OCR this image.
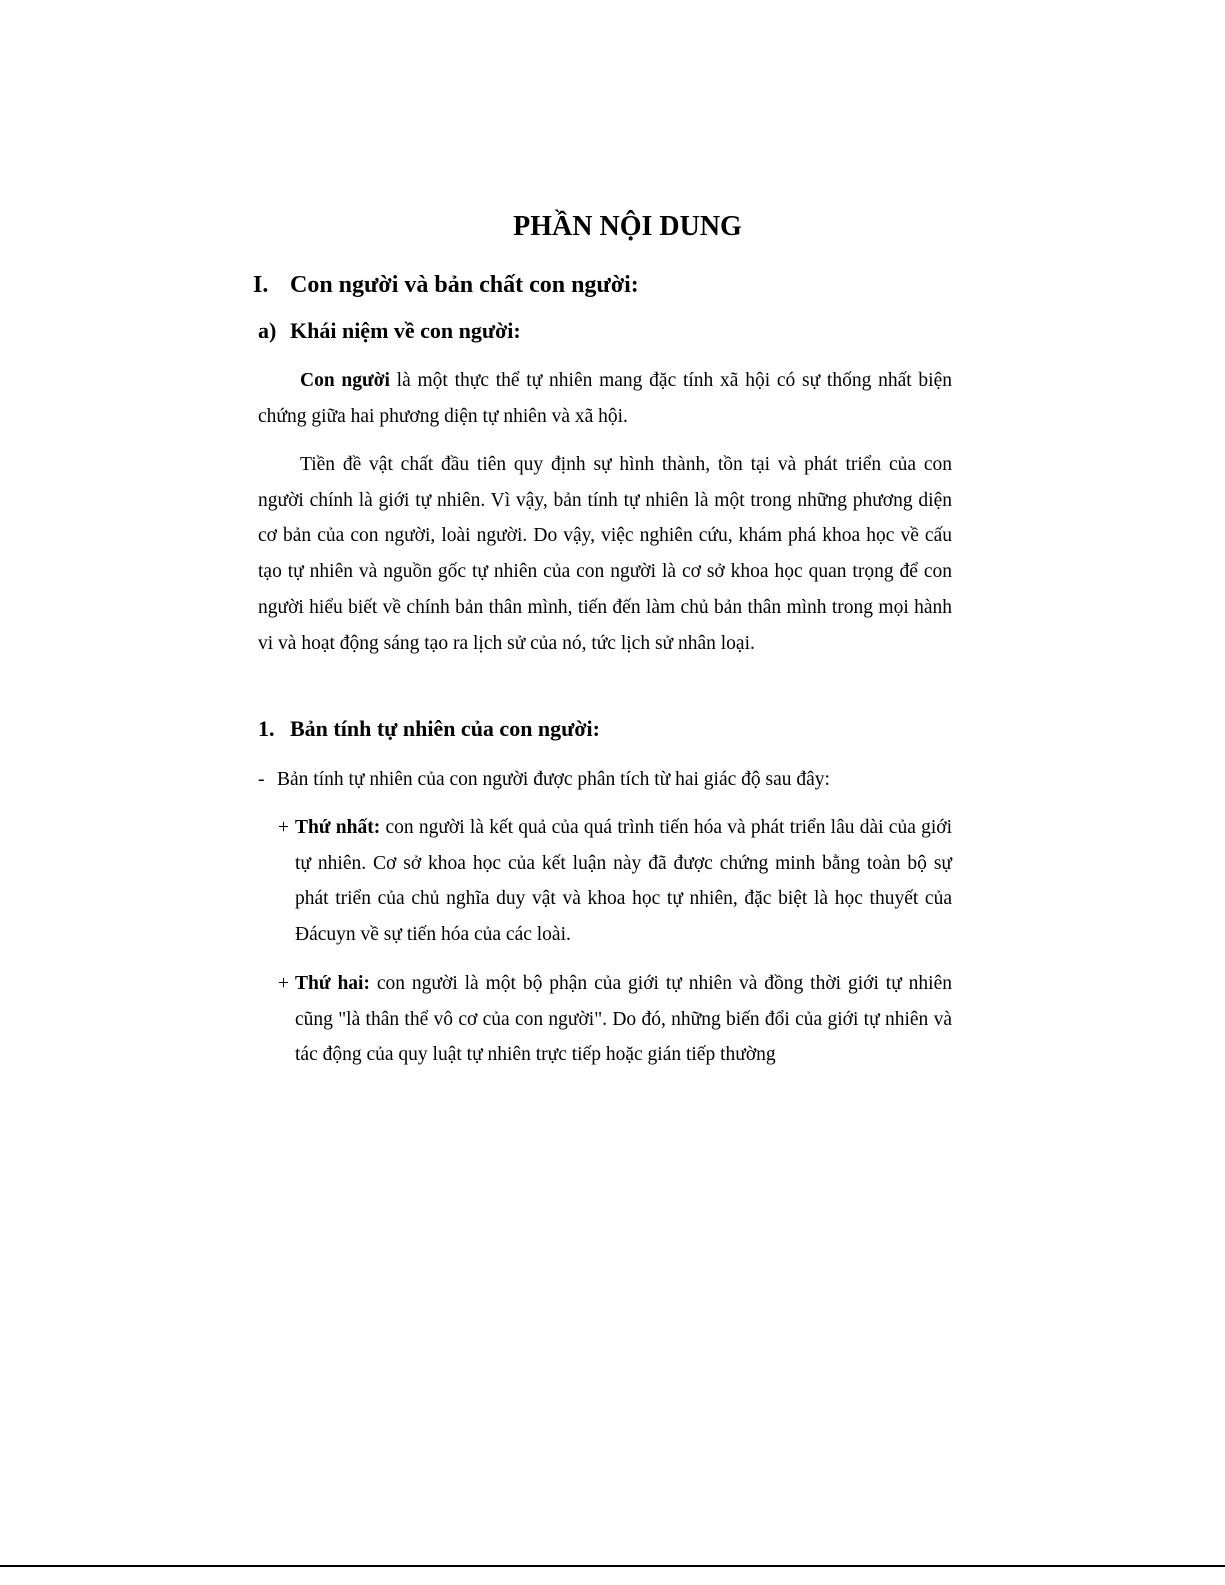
PHẦN NỘI DUNG
I. Con người và bản chất con người:
a) Khái niệm về con người:

Con người là một thực thể tự nhiên mang đặc tính xã hội có sự thống nhất biện chứng giữa hai phương diện tự nhiên và xã hội.

Tiền đề vật chất đầu tiên quy định sự hình thành, tồn tại và phát triển của con người chính là giới tự nhiên. Vì vậy, bản tính tự nhiên là một trong những phương diện cơ bản của con người, loài người. Do vậy, việc nghiên cứu, khám phá khoa học về cấu tạo tự nhiên và nguồn gốc tự nhiên của con người là cơ sở khoa học quan trọng để con người hiểu biết về chính bản thân mình, tiến đến làm chủ bản thân mình trong mọi hành vi và hoạt động sáng tạo ra lịch sử của nó, tức lịch sử nhân loại.

1. Bản tính tự nhiên của con người:

- Bản tính tự nhiên của con người được phân tích từ hai giác độ sau đây:

+ Thứ nhất: con người là kết quả của quá trình tiến hóa và phát triển lâu dài của giới tự nhiên. Cơ sở khoa học của kết luận này đã được chứng minh bằng toàn bộ sự phát triển của chủ nghĩa duy vật và khoa học tự nhiên, đặc biệt là học thuyết của Đácuyn về sự tiến hóa của các loài.

+ Thứ hai: con người là một bộ phận của giới tự nhiên và đồng thời giới tự nhiên cũng "là thân thể vô cơ của con người". Do đó, những biến đổi của giới tự nhiên và tác động của quy luật tự nhiên trực tiếp hoặc gián tiếp thường
